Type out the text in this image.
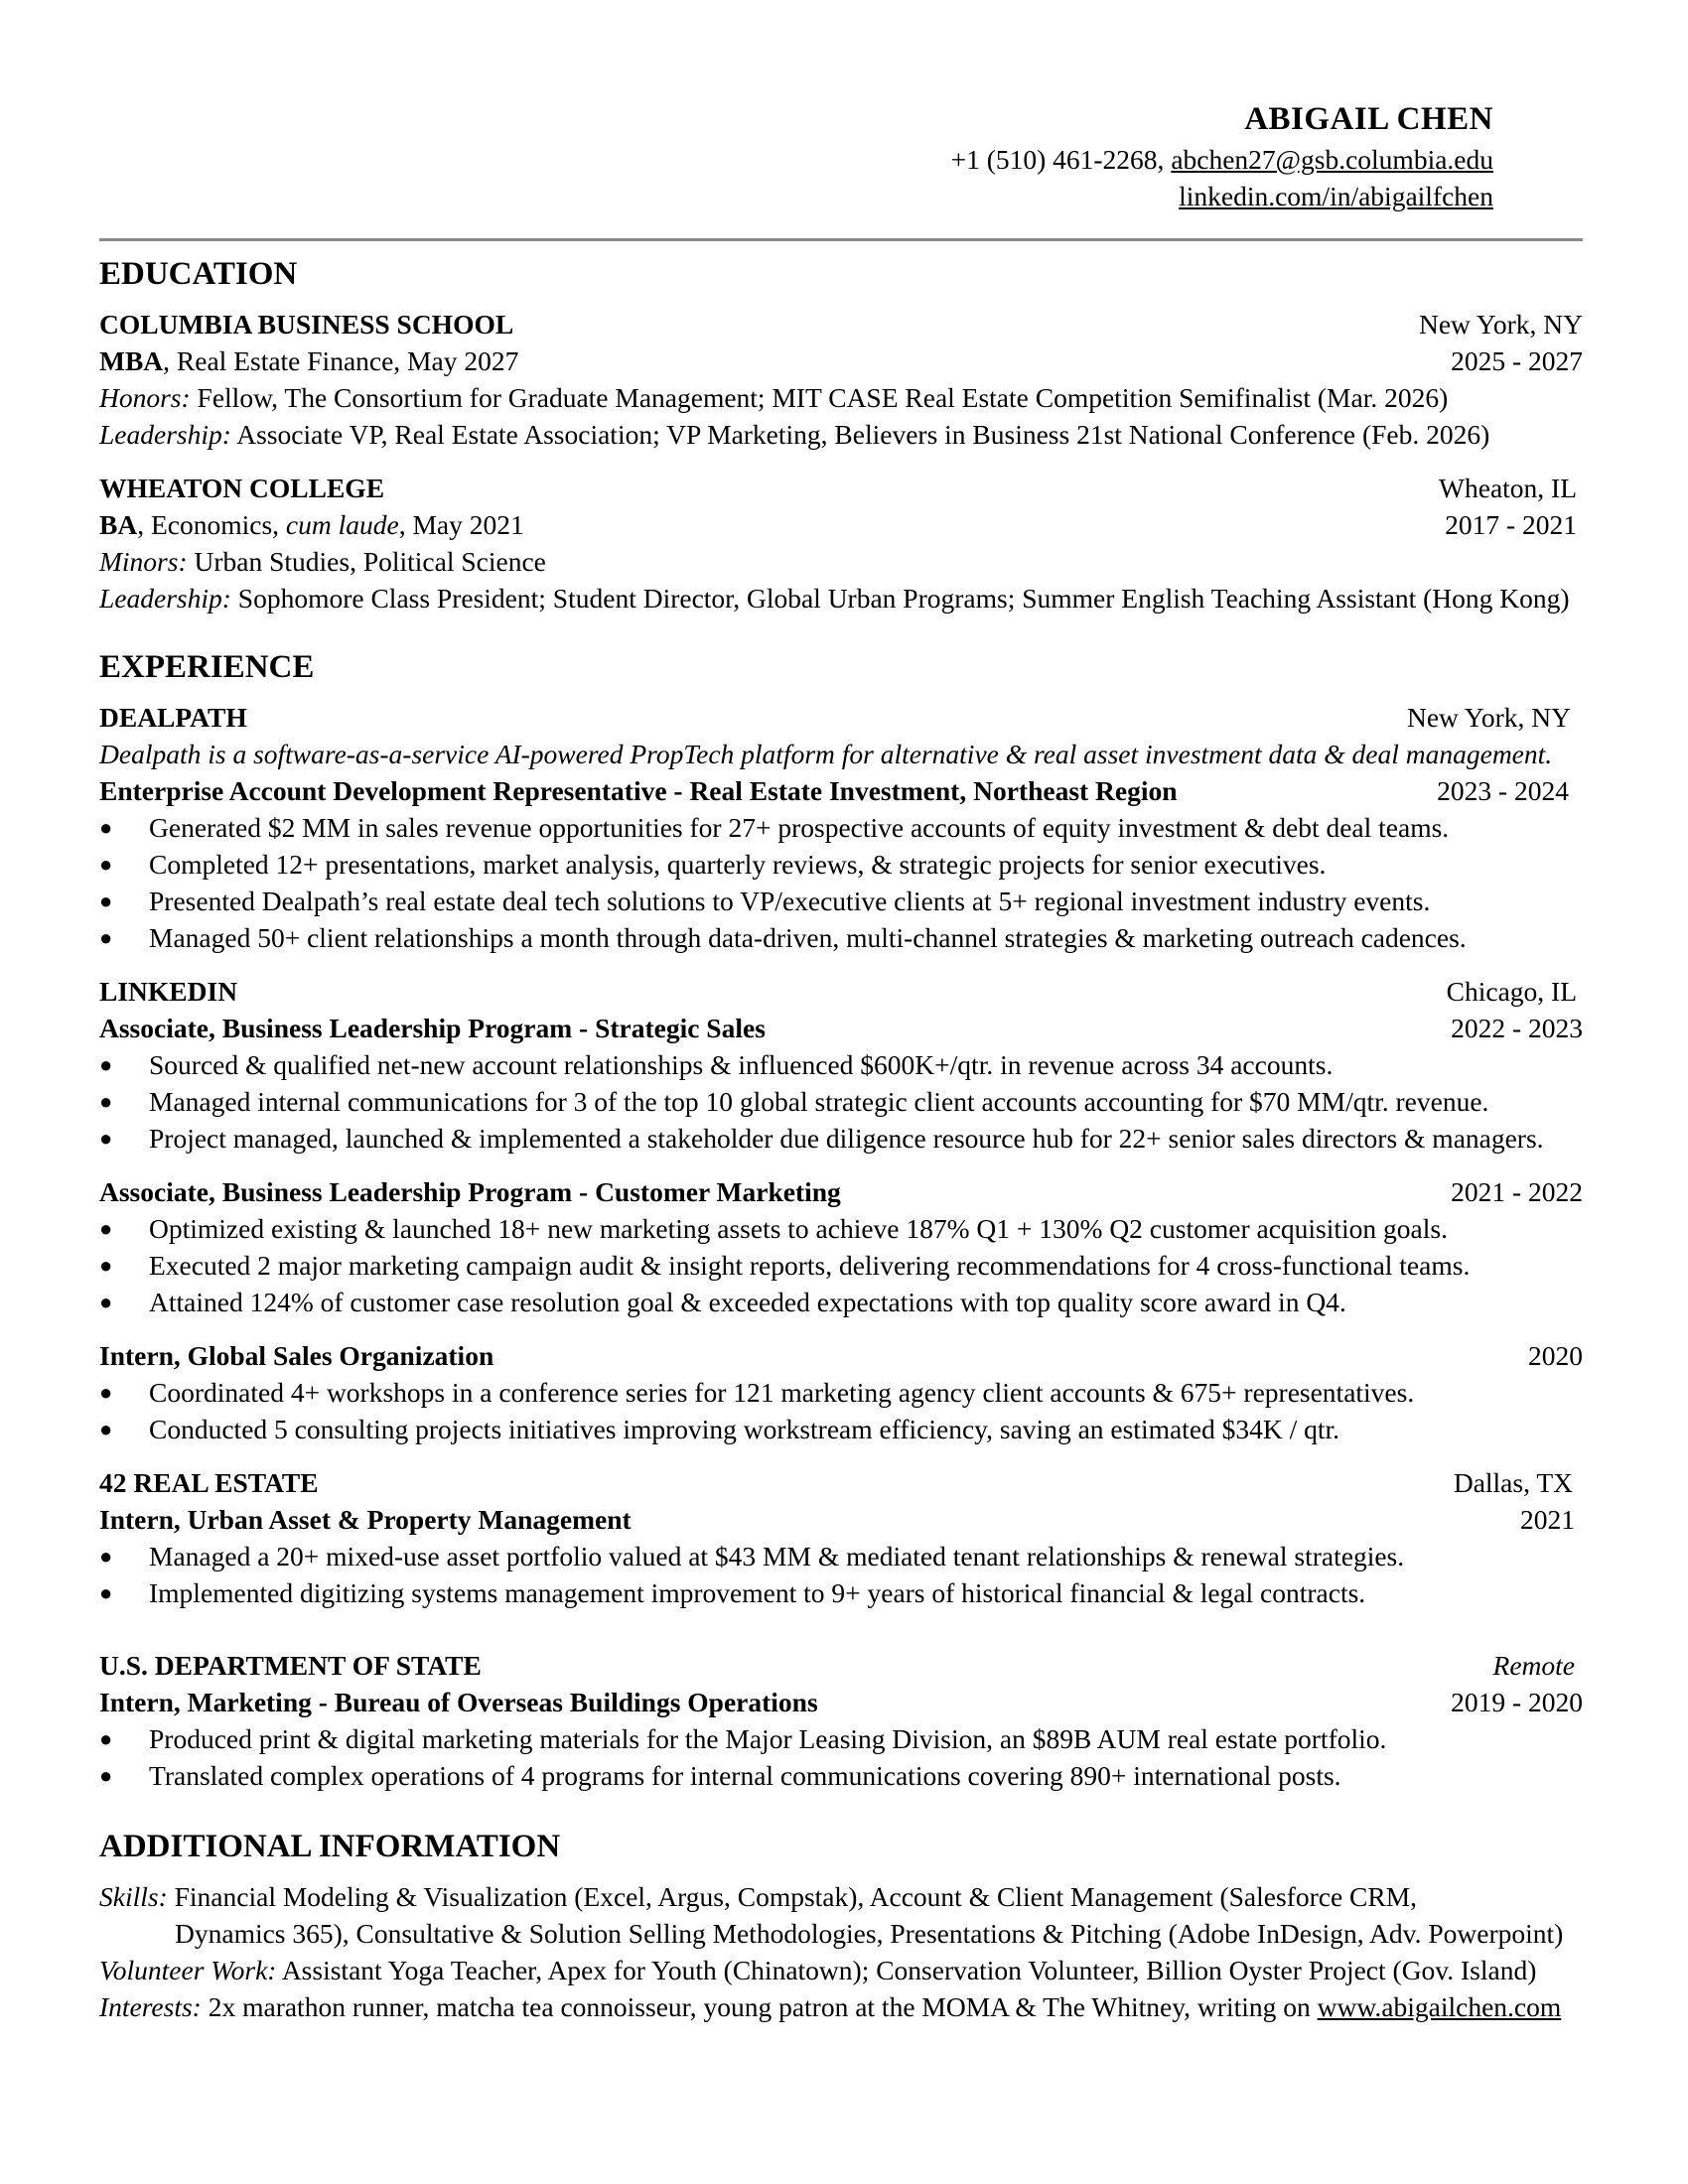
ABIGAIL CHEN
+1 (510) 461-2268, abchen27@gsb.columbia.edu
linkedin.com/in/abigailfchen
EDUCATION
COLUMBIA BUSINESS SCHOOL	New York, NY
MBA, Real Estate Finance, May 2027	2025 - 2027
Honors: Fellow, The Consortium for Graduate Management; MIT CASE Real Estate Competition Semifinalist (Mar. 2026)
Leadership: Associate VP, Real Estate Association; VP Marketing, Believers in Business 21st National Conference (Feb. 2026)
WHEATON COLLEGE	Wheaton, IL
BA, Economics, cum laude, May 2021	2017 - 2021
Minors: Urban Studies, Political Science
Leadership: Sophomore Class President; Student Director, Global Urban Programs; Summer English Teaching Assistant (Hong Kong)
EXPERIENCE
DEALPATH	New York, NY
Dealpath is a software-as-a-service AI-powered PropTech platform for alternative & real asset investment data & deal management.
Enterprise Account Development Representative - Real Estate Investment, Northeast Region	2023 - 2024
● Generated $2 MM in sales revenue opportunities for 27+ prospective accounts of equity investment & debt deal teams.
● Completed 12+ presentations, market analysis, quarterly reviews, & strategic projects for senior executives.
● Presented Dealpath’s real estate deal tech solutions to VP/executive clients at 5+ regional investment industry events.
● Managed 50+ client relationships a month through data-driven, multi-channel strategies & marketing outreach cadences.
LINKEDIN	Chicago, IL
Associate, Business Leadership Program - Strategic Sales	2022 - 2023
● Sourced & qualified net-new account relationships & influenced $600K+/qtr. in revenue across 34 accounts.
● Managed internal communications for 3 of the top 10 global strategic client accounts accounting for $70 MM/qtr. revenue.
● Project managed, launched & implemented a stakeholder due diligence resource hub for 22+ senior sales directors & managers.
Associate, Business Leadership Program - Customer Marketing	2021 - 2022
● Optimized existing & launched 18+ new marketing assets to achieve 187% Q1 + 130% Q2 customer acquisition goals.
● Executed 2 major marketing campaign audit & insight reports, delivering recommendations for 4 cross-functional teams.
● Attained 124% of customer case resolution goal & exceeded expectations with top quality score award in Q4.
Intern, Global Sales Organization	2020
● Coordinated 4+ workshops in a conference series for 121 marketing agency client accounts & 675+ representatives.
● Conducted 5 consulting projects initiatives improving workstream efficiency, saving an estimated $34K / qtr.
42 REAL ESTATE	Dallas, TX
Intern, Urban Asset & Property Management	2021
● Managed a 20+ mixed-use asset portfolio valued at $43 MM & mediated tenant relationships & renewal strategies.
● Implemented digitizing systems management improvement to 9+ years of historical financial & legal contracts.
U.S. DEPARTMENT OF STATE	Remote
Intern, Marketing - Bureau of Overseas Buildings Operations	2019 - 2020
● Produced print & digital marketing materials for the Major Leasing Division, an $89B AUM real estate portfolio.
● Translated complex operations of 4 programs for internal communications covering 890+ international posts.
ADDITIONAL INFORMATION
Skills: Financial Modeling & Visualization (Excel, Argus, Compstak), Account & Client Management (Salesforce CRM,
Dynamics 365), Consultative & Solution Selling Methodologies, Presentations & Pitching (Adobe InDesign, Adv. Powerpoint)
Volunteer Work: Assistant Yoga Teacher, Apex for Youth (Chinatown); Conservation Volunteer, Billion Oyster Project (Gov. Island)
Interests: 2x marathon runner, matcha tea connoisseur, young patron at the MOMA & The Whitney, writing on www.abigailchen.com
